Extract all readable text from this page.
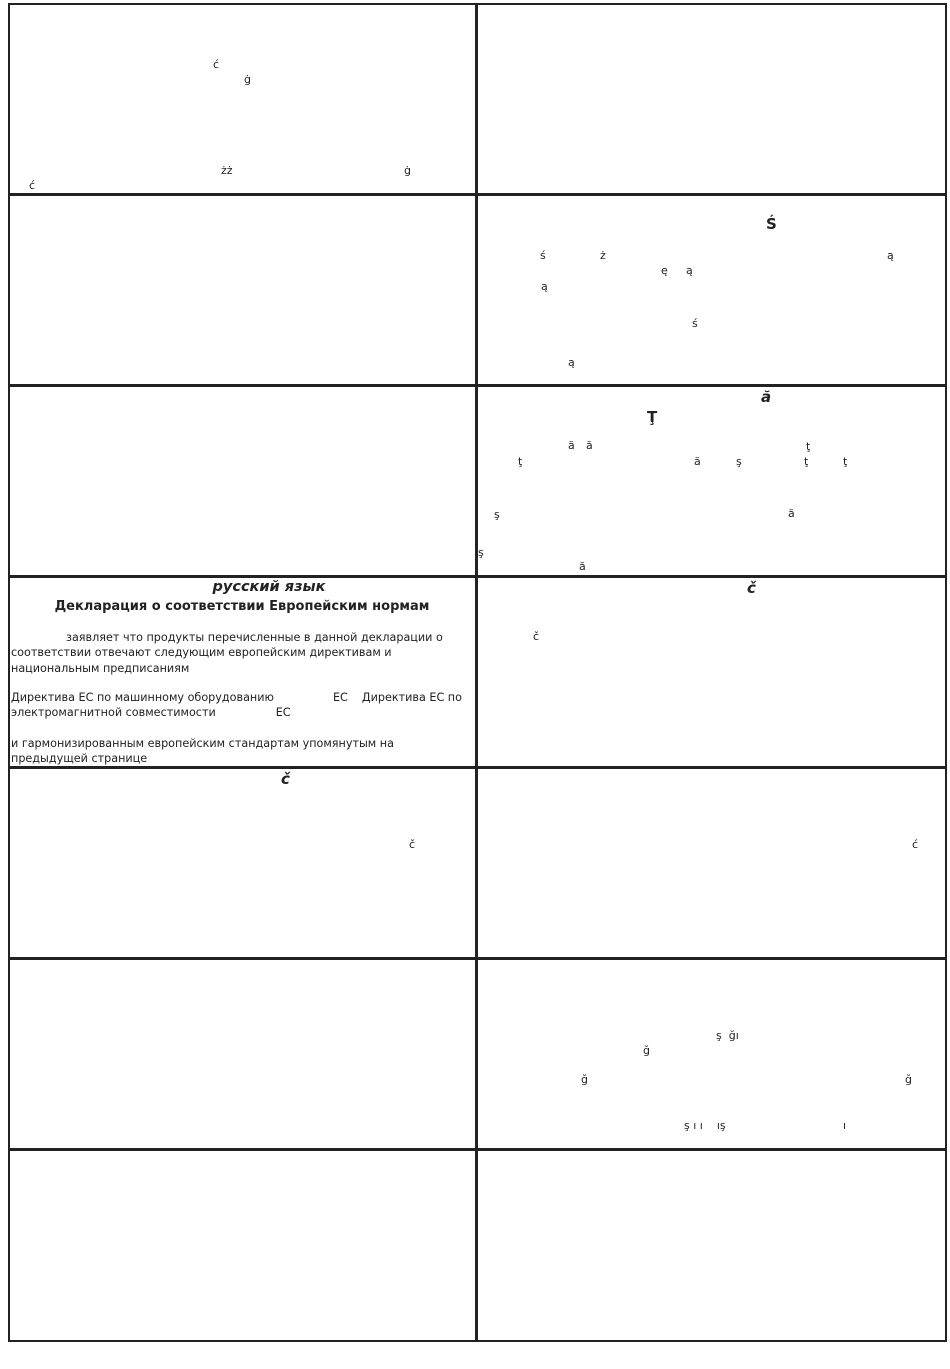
ć
ġ
ć
żż	ġ
Ś
ś	ż
ę ą
ą
ą
ś
ą
ă
Ţ
ă ă	ţ
ţ	ă	ş	ţ	ţ
ş	ă
ş
ă
русский язык
Декларация о соответствии Европейским нормам
заявляет что продукты перечисленные в данной декларации о соответствии отвечают следующим европейским директивам и национальным предписаниям
Директива ЕС по машинному оборудованию	ЕС Директива ЕС по
электромагнитной совместимости	ЕС
и гармонизированным европейским стандартам упомянутым на предыдущей странице
č
č
č
č	ć
ş  ğı
ğ
ğ	ğ
ş ı ı    ış	ı
